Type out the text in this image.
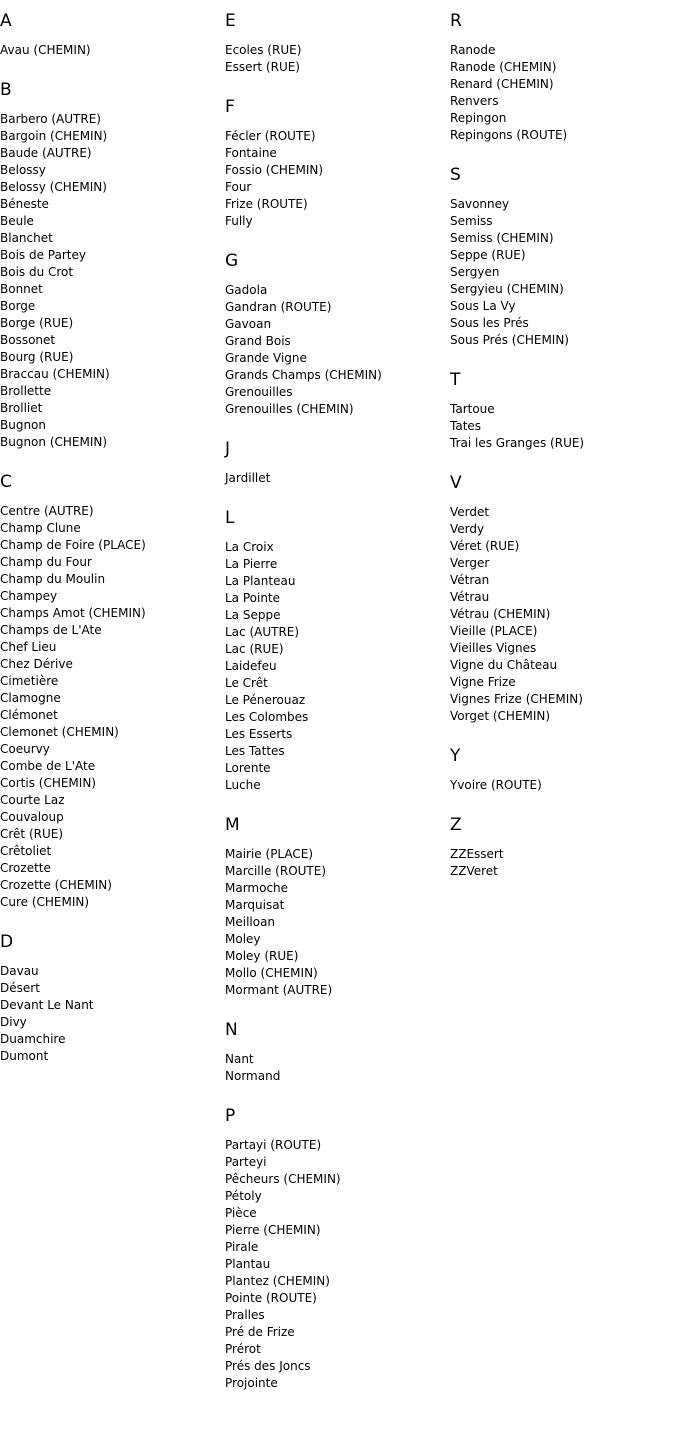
A
Avau (CHEMIN)
B
Barbero (AUTRE)
Bargoin (CHEMIN)
Baude (AUTRE)
Belossy
Belossy (CHEMIN)
Béneste
Beule
Blanchet
Bois de Partey
Bois du Crot
Bonnet
Borge
Borge (RUE)
Bossonet
Bourg (RUE)
Braccau (CHEMIN)
Brollette
Brolliet
Bugnon
Bugnon (CHEMIN)
C
Centre (AUTRE)
Champ Clune
Champ de Foire (PLACE)
Champ du Four
Champ du Moulin
Champey
Champs Amot (CHEMIN)
Champs de L'Ate
Chef Lieu
Chez Dérive
Cimetière
Clamogne
Clémonet
Clemonet (CHEMIN)
Coeurvy
Combe de L'Ate
Cortis (CHEMIN)
Courte Laz
Couvaloup
Crêt (RUE)
Crêtoliet
Crozette
Crozette (CHEMIN)
Cure (CHEMIN)
D
Davau
Désert
Devant Le Nant
Divy
Duamchire
Dumont
E
Ecoles (RUE)
Essert (RUE)
F
Fécler (ROUTE)
Fontaine
Fossio (CHEMIN)
Four
Frize (ROUTE)
Fully
G
Gadola
Gandran (ROUTE)
Gavoan
Grand Bois
Grande Vigne
Grands Champs (CHEMIN)
Grenouilles
Grenouilles (CHEMIN)
J
Jardillet
L
La Croix
La Pierre
La Planteau
La Pointe
La Seppe
Lac (AUTRE)
Lac (RUE)
Laidefeu
Le Crêt
Le Pénerouaz
Les Colombes
Les Esserts
Les Tattes
Lorente
Luche
M
Mairie (PLACE)
Marcille (ROUTE)
Marmoche
Marquisat
Meilloan
Moley
Moley (RUE)
Mollo (CHEMIN)
Mormant (AUTRE)
N
Nant
Normand
P
Partayi (ROUTE)
Parteyi
Pêcheurs (CHEMIN)
Pétoly
Pièce
Pierre (CHEMIN)
Pirale
Plantau
Plantez (CHEMIN)
Pointe (ROUTE)
Pralles
Pré de Frize
Prérot
Prés des Joncs
Projointe
R
Ranode
Ranode (CHEMIN)
Renard (CHEMIN)
Renvers
Repingon
Repingons (ROUTE)
S
Savonney
Semiss
Semiss (CHEMIN)
Seppe (RUE)
Sergyen
Sergyieu (CHEMIN)
Sous La Vy
Sous les Prés
Sous Prés (CHEMIN)
T
Tartoue
Tates
Trai les Granges (RUE)
V
Verdet
Verdy
Véret (RUE)
Verger
Vétran
Vétrau
Vétrau (CHEMIN)
Vieille (PLACE)
Vieilles Vignes
Vigne du Château
Vigne Frize
Vignes Frize (CHEMIN)
Vorget (CHEMIN)
Y
Yvoire (ROUTE)
Z
ZZEssert
ZZVeret
